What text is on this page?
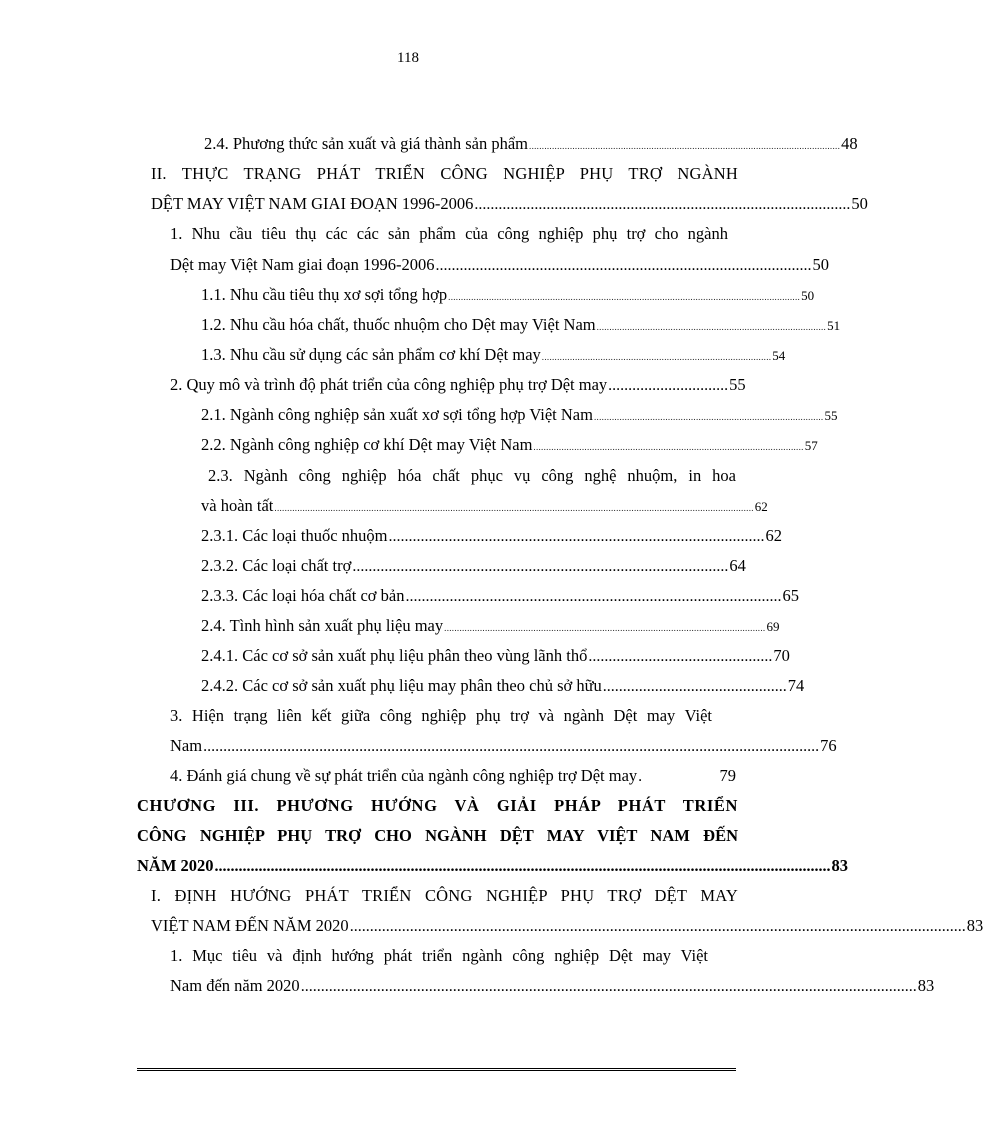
118
2.4. Phương thức sản xuất và giá thành sản phẩm .......................................................................................................................... 48
II. THỰC TRẠNG PHÁT TRIỂN CÔNG NGHIỆP PHỤ TRỢ NGÀNH
DỆT MAY VIỆT NAM GIAI ĐOẠN 1996-2006 .............................................................................................. 50
1. Nhu cầu tiêu thụ các các sản phẩm của công nghiệp phụ trợ cho ngành
Dệt may Việt Nam giai đoạn 1996-2006 .............................................................................................. 50
1.1. Nhu cầu tiêu thụ xơ sợi tổng hợp .......................................................................................................................................... 50
1.2. Nhu cầu hóa chất, thuốc nhuộm cho Dệt may Việt Nam .......................................................................................... 51
1.3. Nhu cầu sử dụng các sản phẩm cơ khí Dệt may .......................................................................................... 54
2. Quy mô và trình độ phát triển của công nghiệp phụ trợ Dệt may .............................. 55
2.1. Ngành công nghiệp sản xuất xơ sợi tổng hợp Việt Nam .......................................................................................... 55
2.2. Ngành công nghiệp cơ khí Dệt may Việt Nam .......................................................................................................... 57
2.3. Ngành công nghiệp hóa chất phục vụ công nghệ nhuộm, in hoa
và hoàn tất ............................................................................................................................................................................................ 62
2.3.1. Các loại thuốc nhuộm .............................................................................................. 62
2.3.2. Các loại chất trợ .............................................................................................. 64
2.3.3. Các loại hóa chất cơ bản .............................................................................................. 65
2.4. Tình hình sản xuất phụ liệu may .............................................................................................................................. 69
2.4.1. Các cơ sở sản xuất phụ liệu phân theo vùng lãnh thổ .............................................. 70
2.4.2. Các cơ sở sản xuất phụ liệu may phân theo chủ sở hữu .............................................. 74
3. Hiện trạng liên kết giữa công nghiệp phụ trợ và ngành Dệt may Việt
Nam .......................................................................................................................................................... 76
4. Đánh giá chung về sự phát triển của ngành công nghiệp trợ Dệt may .	79
CHƯƠNG III. PHƯƠNG HƯỚNG VÀ GIẢI PHÁP PHÁT TRIỂN
CÔNG NGHIỆP PHỤ TRỢ CHO NGÀNH DỆT MAY VIỆT NAM ĐẾN
NĂM 2020 .......................................................................................................................................................... 83
I. ĐỊNH HƯỚNG PHÁT TRIỂN CÔNG NGHIỆP PHỤ TRỢ DỆT MAY
VIỆT NAM ĐẾN NĂM 2020 .......................................................................................................................................................... 83
1. Mục tiêu và định hướng phát triển ngành công nghiệp Dệt may Việt
Nam đến năm 2020 .......................................................................................................................................................... 83
